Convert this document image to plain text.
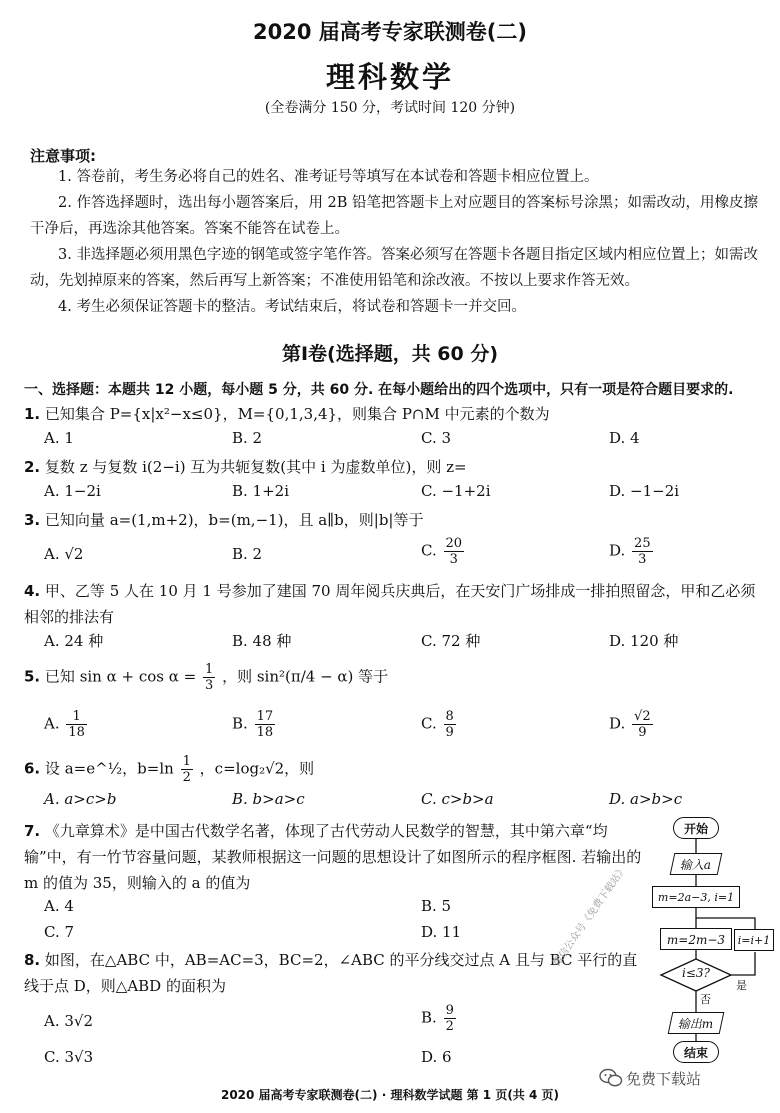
2020 届高考专家联测卷(二)
理科数学
(全卷满分 150 分，考试时间 120 分钟)
注意事项:
1. 答卷前，考生务必将自己的姓名、准考证号等填写在本试卷和答题卡相应位置上。
2. 作答选择题时，选出每小题答案后，用 2B 铅笔把答题卡上对应题目的答案标号涂黑；如需改动，用橡皮擦干净后，再选涂其他答案。答案不能答在试卷上。
3. 非选择题必须用黑色字迹的钢笔或签字笔作答。答案必须写在答题卡各题目指定区域内相应位置上；如需改动，先划掉原来的答案，然后再写上新答案；不准使用铅笔和涂改液。不按以上要求作答无效。
4. 考生必须保证答题卡的整洁。考试结束后，将试卷和答题卡一并交回。
第Ⅰ卷(选择题，共 60 分)
一、选择题：本题共 12 小题，每小题 5 分，共 60 分. 在每小题给出的四个选项中，只有一项是符合题目要求的.
1. 已知集合 P={x|x²−x≤0}，M={0,1,3,4}，则集合 P∩M 中元素的个数为
A. 1	B. 2	C. 3	D. 4
2. 复数 z 与复数 i(2−i) 互为共轭复数(其中 i 为虚数单位)，则 z=
A. 1−2i	B. 1+2i	C. −1+2i	D. −1−2i
3. 已知向量 a=(1,m+2)，b=(m,−1)，且 a∥b，则|b|等于
A. √2	B. 2	C. $\frac{20}{3}$	D. $\frac{25}{3}$
4. 甲、乙等 5 人在 10 月 1 号参加了建国 70 周年阅兵庆典后，在天安门广场排成一排拍照留念，甲和乙必须相邻的排法有
A. 24 种	B. 48 种	C. 72 种	D. 120 种
5. 已知 $\sin \alpha + \cos \alpha = \frac{1}{3}$ ，则 sin²(π/4 − α) 等于
A. $\frac{1}{18}$	B. $\frac{17}{18}$	C. $\frac{8}{9}$	D. $\frac{√2}{9}$
6. 设 a=e^½，$b=\ln \frac{1}{2}$ ，c=log₂√2，则
A. a>c>b	B. b>a>c	C. c>b>a	D. a>b>c
7. 《九章算术》是中国古代数学名著，体现了古代劳动人民数学的智慧，其中第六章“均输”中，有一竹节容量问题，某教师根据这一问题的思想设计了如图所示的程序框图. 若输出的 m 的值为 35，则输入的 a 的值为
A. 4	B. 5
C. 7	D. 11
8. 如图，在△ABC 中，AB=AC=3，BC=2，∠ABC 的平分线交过点 A 且与 BC 平行的直线于点 D，则△ABD 的面积为
A. 3√2	B. $\frac{9}{2}$
C. 3√3	D. 6
开始
输入a
m=2a−3, i=1
m=2m−3	i=i+1
i≤3?
否
是
输出m
结束
微信公众号《免费下载站》
2020 届高考专家联测卷(二) · 理科数学试题 第 1 页(共 4 页)
免费下载站
